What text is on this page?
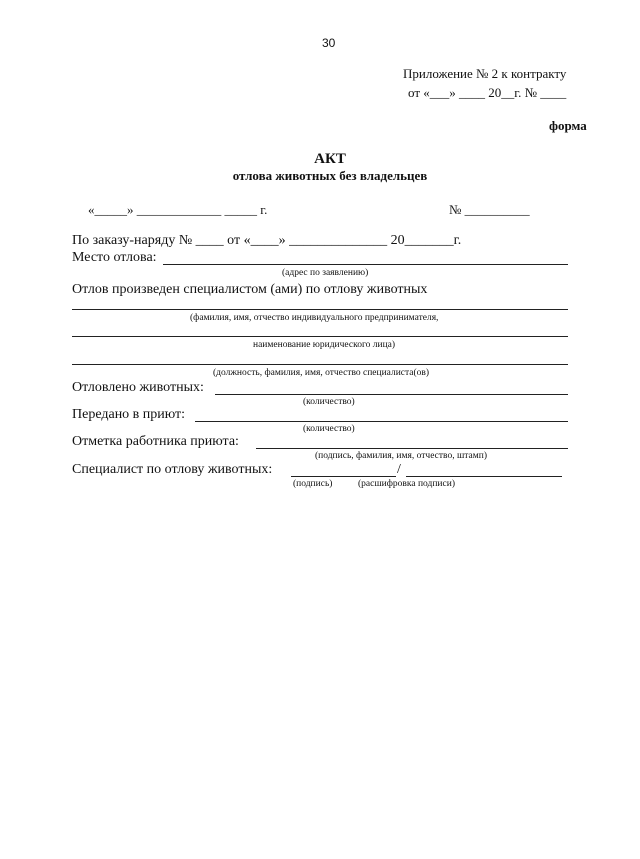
30
Приложение № 2 к контракту
от «___» ____ 20__г. № ____
форма
АКТ
отлова животных без владельцев
«_____» _____________ _____ г.	№ __________
По заказу-наряду № ____ от «____» ______________ 20_______г.
Место отлова:
(адрес по заявлению)
Отлов произведен специалистом (ами) по отлову животных
(фамилия, имя, отчество индивидуального предпринимателя,
наименование юридического лица)
(должность, фамилия, имя, отчество специалиста(ов)
Отловлено животных:
(количество)
Передано в приют:
(количество)
Отметка работника приюта:
(подпись, фамилия, имя, отчество, штамп)
Специалист по отлову животных:	/
(подпись)	(расшифровка подписи)
